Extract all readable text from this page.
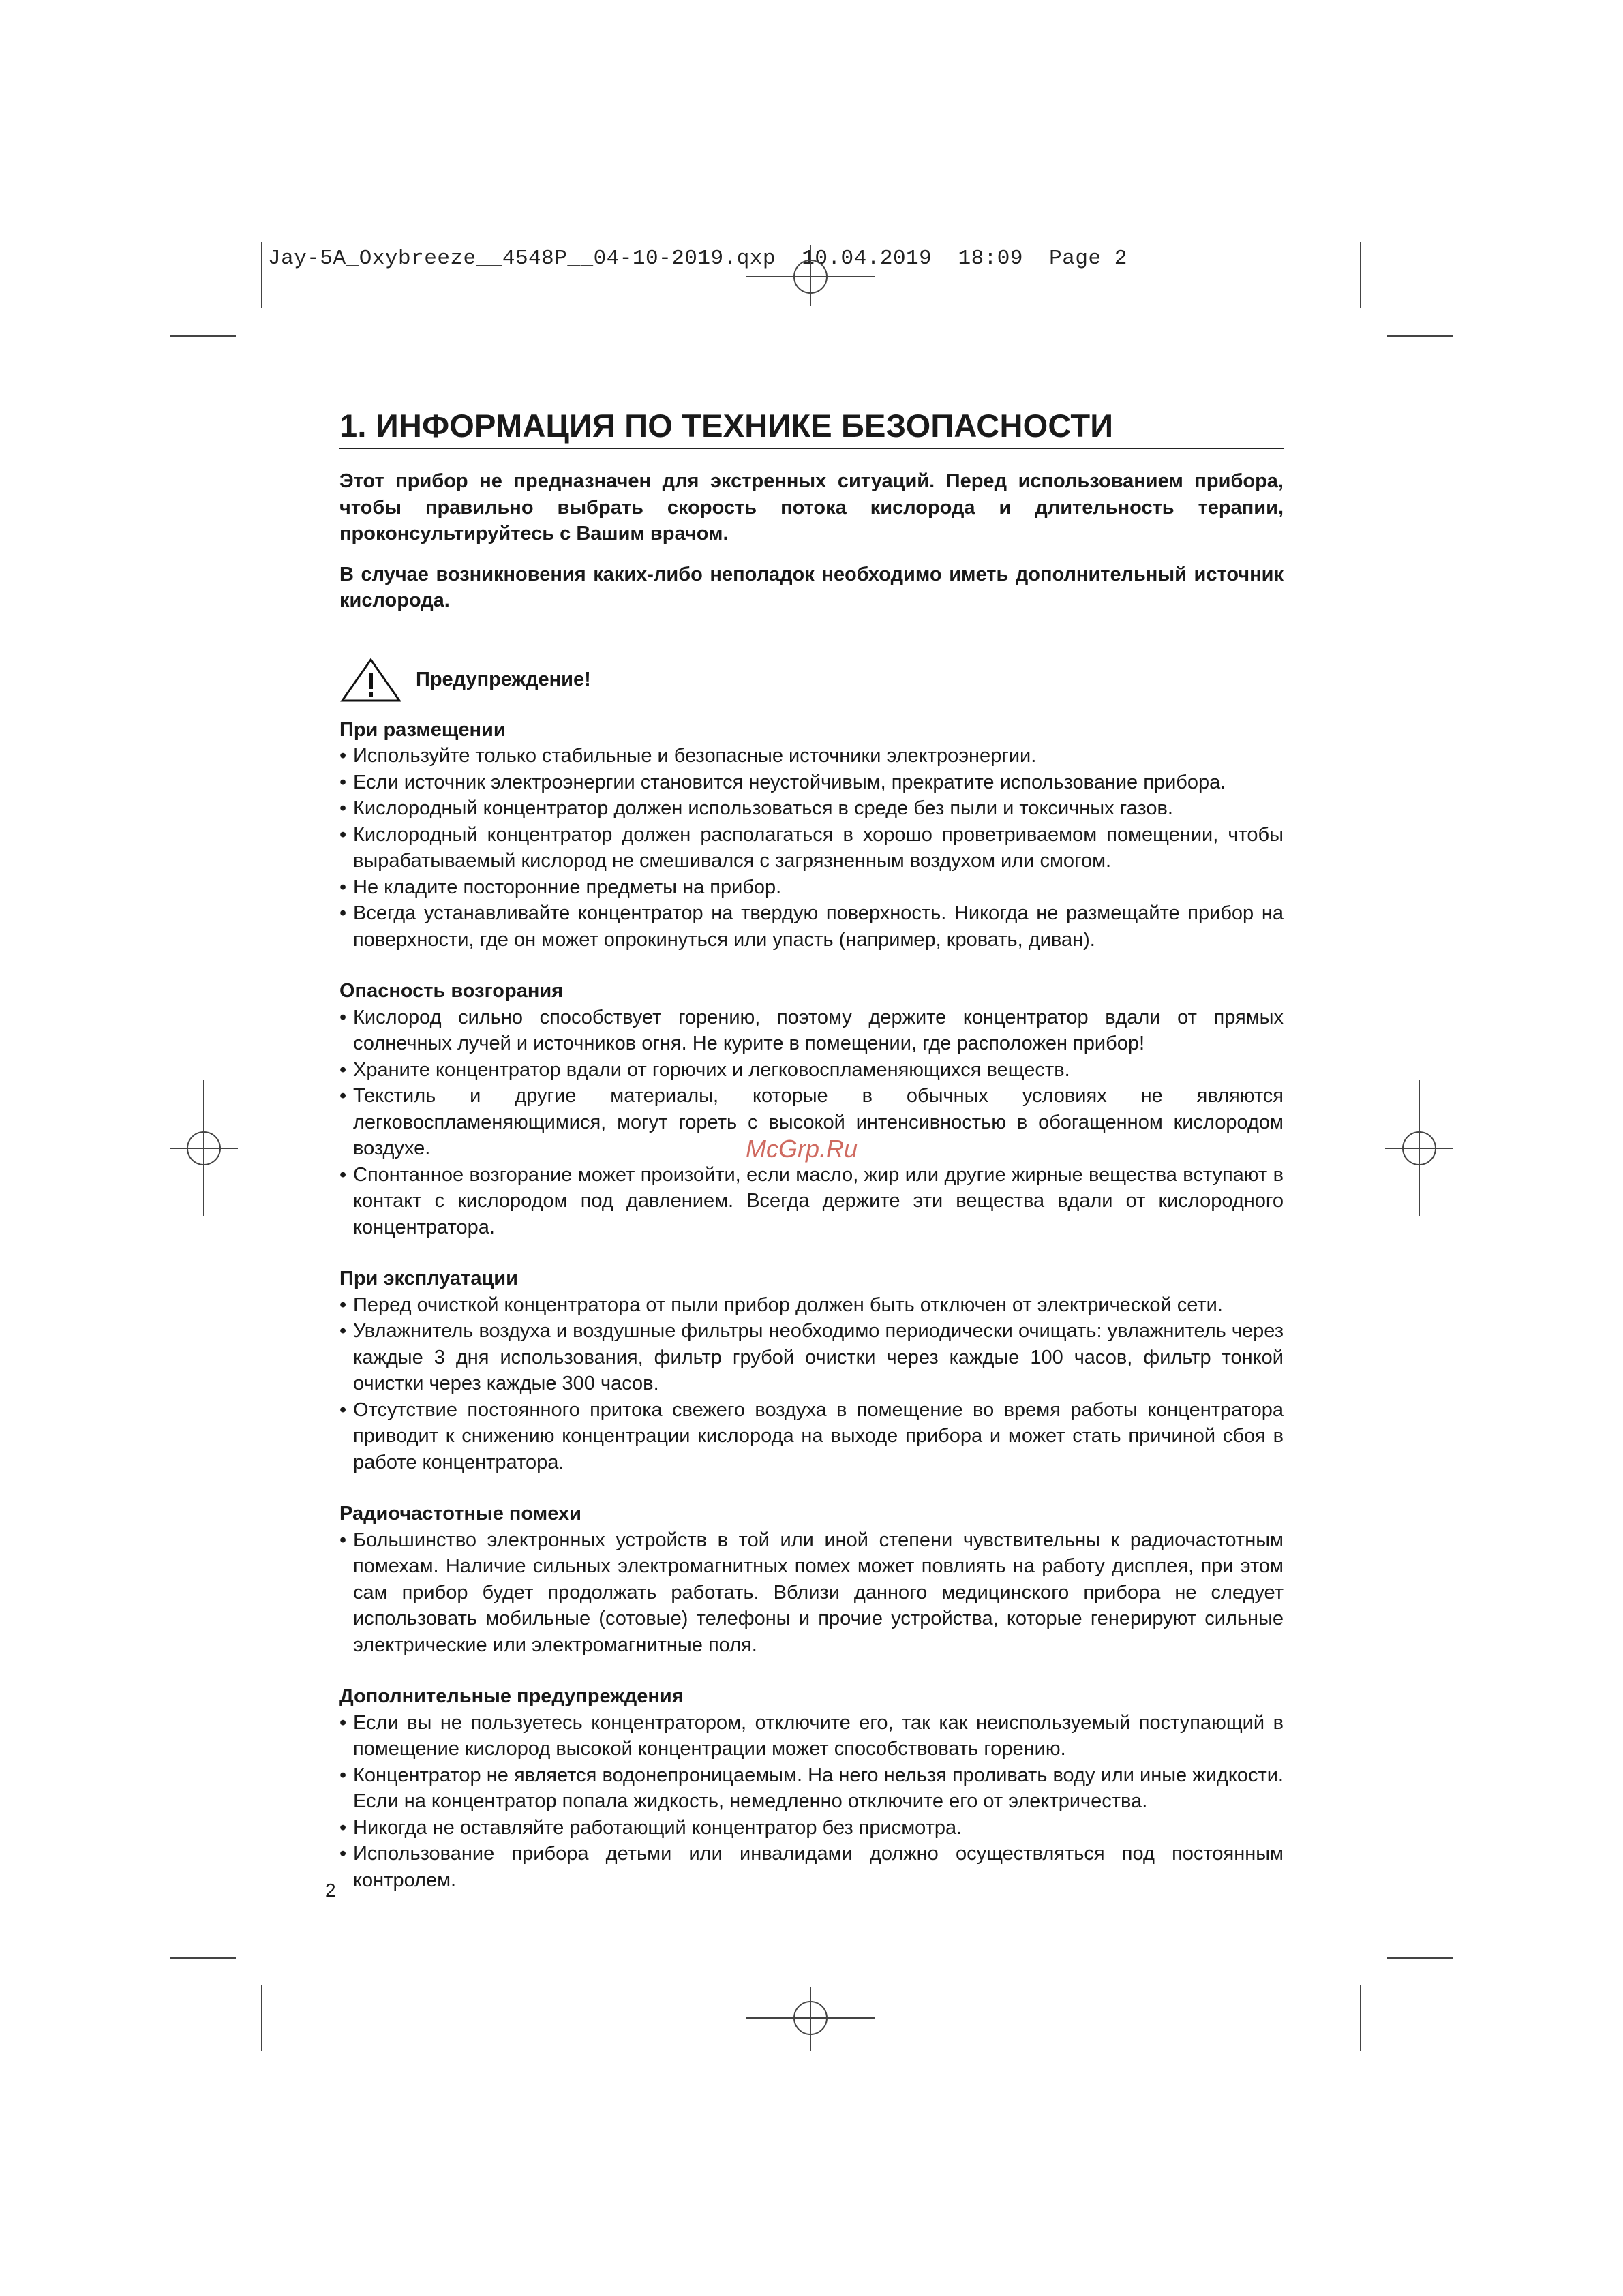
Jay-5A_Oxybreeze__4548P__04-10-2019.qxp  10.04.2019  18:09  Page 2
1. ИНФОРМАЦИЯ ПО ТЕХНИКЕ БЕЗОПАСНОСТИ

Этот прибор не предназначен для экстренных ситуаций. Перед использованием прибора, чтобы правильно выбрать скорость потока кислорода и длительность терапии, проконсультируйтесь с Вашим врачом.

В случае возникновения каких-либо неполадок необходимо иметь дополнительный источник кислорода.

Предупреждение!
При размещении
• Используйте только стабильные и безопасные источники электроэнергии.
• Если источник электроэнергии становится неустойчивым, прекратите использование прибора.
• Кислородный концентратор должен использоваться в среде без пыли и токсичных газов.
• Кислородный концентратор должен располагаться в хорошо проветриваемом помещении, чтобы вырабатываемый кислород не смешивался с загрязненным воздухом или смогом.
• Не кладите посторонние предметы на прибор.
• Всегда устанавливайте концентратор на твердую поверхность. Никогда не размещайте прибор на поверхности, где он может опрокинуться или упасть (например, кровать, диван).
Опасность возгорания
• Кислород сильно способствует горению, поэтому держите концентратор вдали от прямых солнечных лучей и источников огня. Не курите в помещении, где расположен прибор!
• Храните концентратор вдали от горючих и легковоспламеняющихся веществ.
• Текстиль и другие материалы, которые в обычных условиях не являются легковоспламеняющимися, могут гореть с высокой интенсивностью в обогащенном кислородом воздухе.
• Спонтанное возгорание может произойти, если масло, жир или другие жирные вещества вступают в контакт с кислородом под давлением. Всегда держите эти вещества вдали от кислородного концентратора.
При эксплуатации
• Перед очисткой концентратора от пыли прибор должен быть отключен от электрической сети.
• Увлажнитель воздуха и воздушные фильтры необходимо периодически очищать: увлажнитель через каждые 3 дня использования, фильтр грубой очистки через каждые 100 часов, фильтр тонкой очистки через каждые 300 часов.
• Отсутствие постоянного притока свежего воздуха в помещение во время работы концентратора приводит к снижению концентрации кислорода на выходе прибора и может стать причиной сбоя в работе концентратора.
Радиочастотные помехи
• Большинство электронных устройств в той или иной степени чувствительны к радиочастотным помехам. Наличие сильных электромагнитных помех может повлиять на работу дисплея, при этом сам прибор будет продолжать работать. Вблизи данного медицинского прибора не следует использовать мобильные (сотовые) телефоны и прочие устройства, которые генерируют сильные электрические или электромагнитные поля.
Дополнительные предупреждения
• Если вы не пользуетесь концентратором, отключите его, так как неиспользуемый поступающий в помещение кислород высокой концентрации может способствовать горению.
• Концентратор не является водонепроницаемым. На него нельзя проливать воду или иные жидкости. Если на концентратор попала жидкость, немедленно отключите его от электричества.
• Никогда не оставляйте работающий концентратор без присмотра.
• Использование прибора детьми или инвалидами должно осуществляться под постоянным контролем.
McGrp.Ru
2
